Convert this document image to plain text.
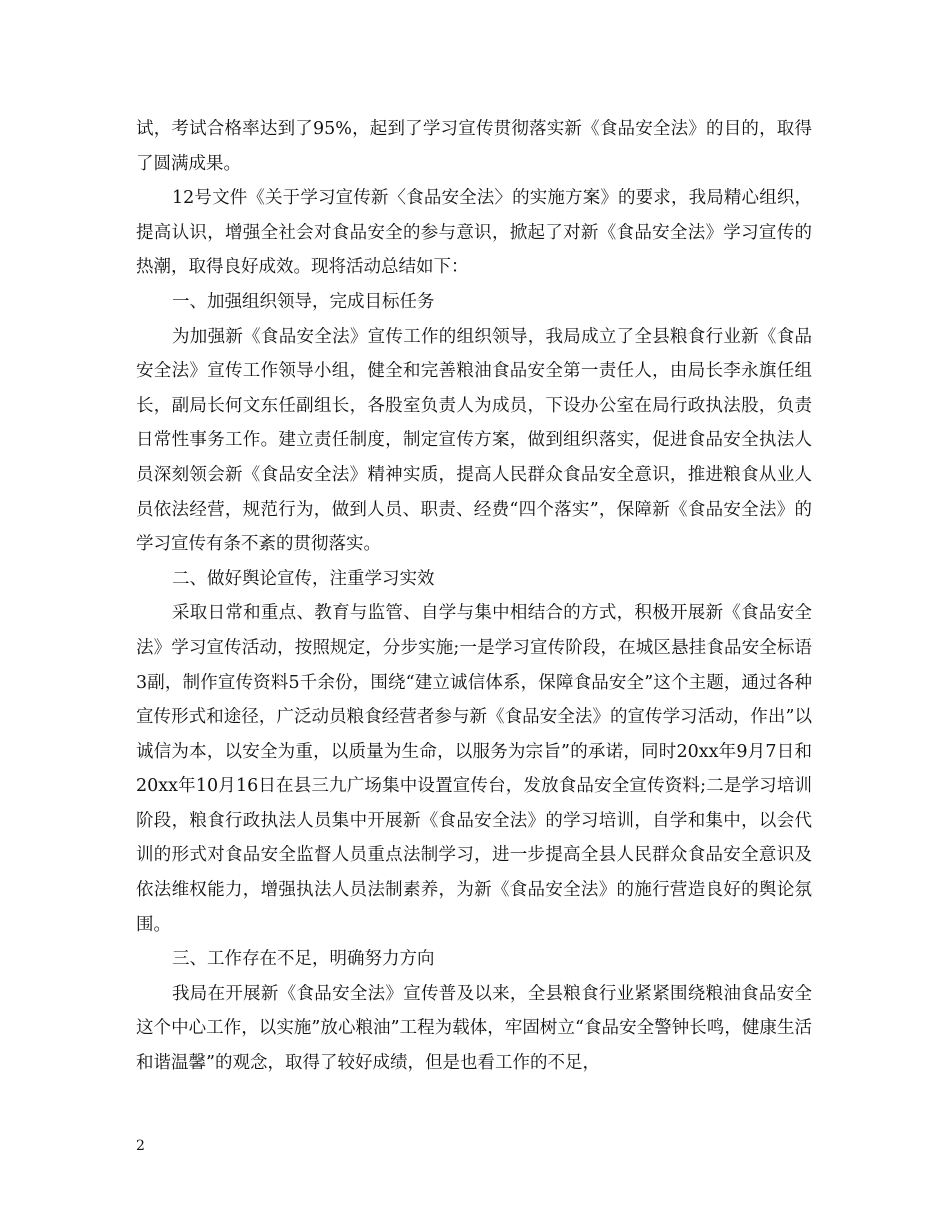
试，考试合格率达到了95%，起到了学习宣传贯彻落实新《食品安全法》的目的，取得了圆满成果。

12号文件《关于学习宣传新〈食品安全法〉的实施方案》的要求，我局精心组织，提高认识，增强全社会对食品安全的参与意识，掀起了对新《食品安全法》学习宣传的热潮，取得良好成效。现将活动总结如下：

一、加强组织领导，完成目标任务

为加强新《食品安全法》宣传工作的组织领导，我局成立了全县粮食行业新《食品安全法》宣传工作领导小组，健全和完善粮油食品安全第一责任人，由局长李永旗任组长，副局长何文东任副组长，各股室负责人为成员，下设办公室在局行政执法股，负责日常性事务工作。建立责任制度，制定宣传方案，做到组织落实，促进食品安全执法人员深刻领会新《食品安全法》精神实质，提高人民群众食品安全意识，推进粮食从业人员依法经营，规范行为，做到人员、职责、经费“四个落实”，保障新《食品安全法》的学习宣传有条不紊的贯彻落实。

二、做好舆论宣传，注重学习实效

采取日常和重点、教育与监管、自学与集中相结合的方式，积极开展新《食品安全法》学习宣传活动，按照规定，分步实施;一是学习宣传阶段，在城区悬挂食品安全标语3副，制作宣传资料5千余份，围绕“建立诚信体系，保障食品安全”这个主题，通过各种宣传形式和途径，广泛动员粮食经营者参与新《食品安全法》的宣传学习活动，作出”以诚信为本，以安全为重，以质量为生命，以服务为宗旨”的承诺，同时20xx年9月7日和20xx年10月16日在县三九广场集中设置宣传台，发放食品安全宣传资料;二是学习培训阶段，粮食行政执法人员集中开展新《食品安全法》的学习培训，自学和集中，以会代训的形式对食品安全监督人员重点法制学习，进一步提高全县人民群众食品安全意识及依法维权能力，增强执法人员法制素养，为新《食品安全法》的施行营造良好的舆论氛围。

三、工作存在不足，明确努力方向

我局在开展新《食品安全法》宣传普及以来，全县粮食行业紧紧围绕粮油食品安全这个中心工作，以实施”放心粮油”工程为载体，牢固树立“食品安全警钟长鸣，健康生活和谐温馨”的观念，取得了较好成绩，但是也看工作的不足，

2
